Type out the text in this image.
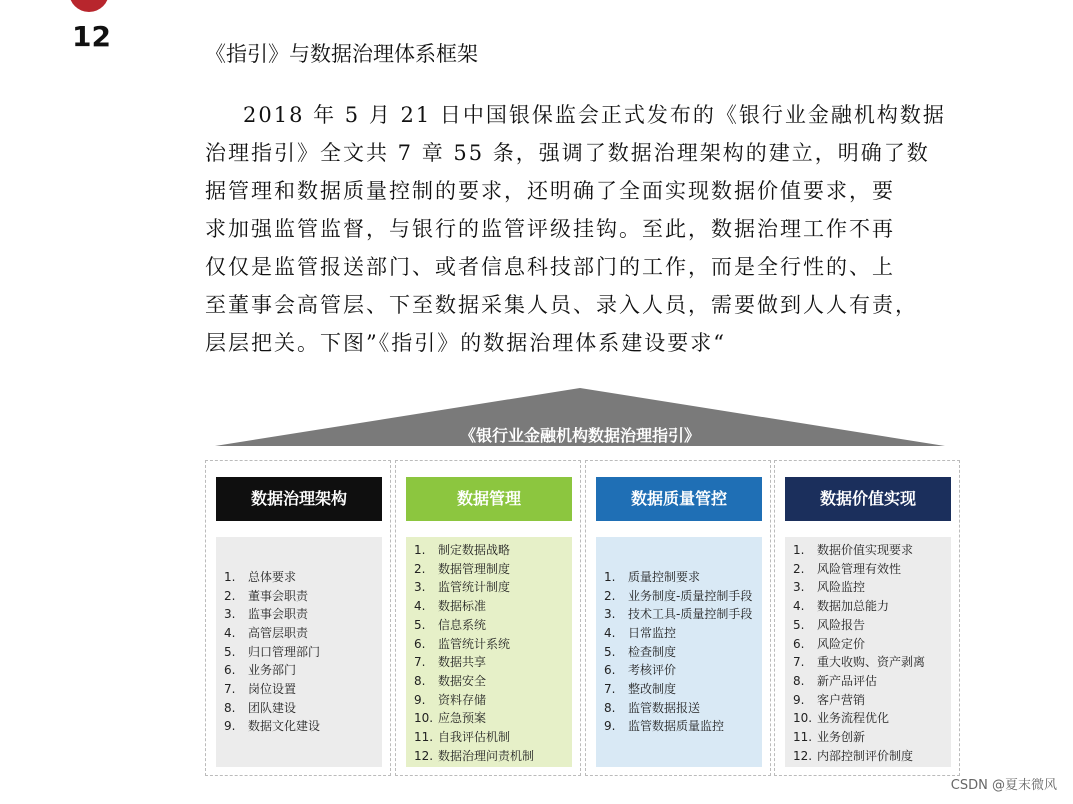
12
《指引》与数据治理体系框架
2018 年 5 月 21 日中国银保监会正式发布的《银行业金融机构数据
治理指引》全文共 7 章 55 条，强调了数据治理架构的建立，明确了数
据管理和数据质量控制的要求，还明确了全面实现数据价值要求，要
求加强监管监督，与银行的监管评级挂钩。至此，数据治理工作不再
仅仅是监管报送部门、或者信息科技部门的工作，而是全行性的、上
至董事会高管层、下至数据采集人员、录入人员，需要做到人人有责，
层层把关。下图”《指引》的数据治理体系建设要求“
《银行业金融机构数据治理指引》
数据治理架构
1. 总体要求
2. 董事会职责
3. 监事会职责
4. 高管层职责
5. 归口管理部门
6. 业务部门
7. 岗位设置
8. 团队建设
9. 数据文化建设
数据管理
1. 制定数据战略
2. 数据管理制度
3. 监管统计制度
4. 数据标准
5. 信息系统
6. 监管统计系统
7. 数据共享
8. 数据安全
9. 资料存储
10. 应急预案
11. 自我评估机制
12. 数据治理问责机制
数据质量管控
1. 质量控制要求
2. 业务制度-质量控制手段
3. 技术工具-质量控制手段
4. 日常监控
5. 检查制度
6. 考核评价
7. 整改制度
8. 监管数据报送
9. 监管数据质量监控
数据价值实现
1. 数据价值实现要求
2. 风险管理有效性
3. 风险监控
4. 数据加总能力
5. 风险报告
6. 风险定价
7. 重大收购、资产剥离
8. 新产品评估
9. 客户营销
10. 业务流程优化
11. 业务创新
12. 内部控制评价制度
CSDN @夏末微风
